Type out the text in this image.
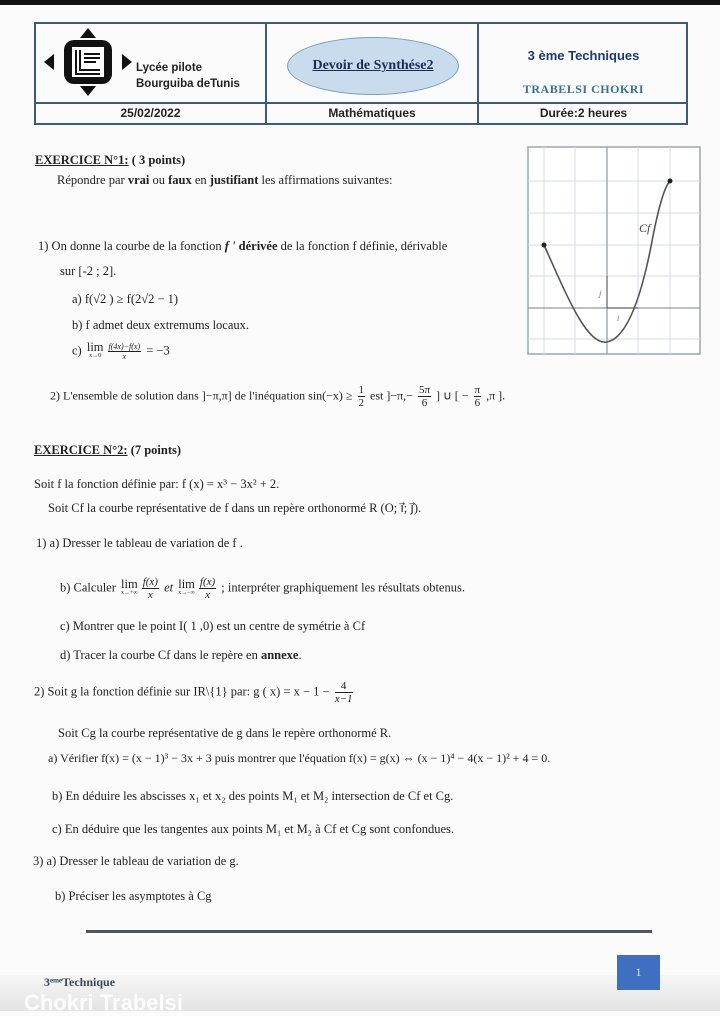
Lycée pilote
Bourguiba deTunis
Devoir de Synthése2
3 ème Techniques
TRABELSI CHOKRI
25/02/2022	Mathématiques	Durée:2 heures
EXERCICE N°1: ( 3 points)
Répondre par vrai ou faux en justifiant les affirmations suivantes:
1) On donne la courbe de la fonction f ' dérivée de la fonction f définie, dérivable
sur [-2 ; 2].
a) f(√2 ) ≥ f(2√2 − 1)
b) f admet deux extremums locaux.
c) lim
$x\to 0 \frac{f(4x)-f(x)}{x} = -3$
2) L'ensemble de solution dans ]−π,π] de l'inéquation $\sin(-x) \ge \frac{1}{2}$ est ]$-\pi,- \frac{5\pi}{6}$ ] ∪ [ − $\frac{\pi}{6} ,\pi$ ].
Cf
i
j
EXERCICE N°2: (7 points)
Soit f la fonction définie par: f (x) = x³ − 3x² + 2.
Soit Cf la courbe représentative de f dans un repère orthonormé R (O; i⃗; j⃗).
1) a) Dresser le tableau de variation de f .
b) Calculer lim
$x\to+\infty \frac{f(x)}{x}$ et lim
$x\to-\infty \frac{f(x)}{x}$ ; interpréter graphiquement les résultats obtenus.
c) Montrer que le point I( 1 ,0) est un centre de symétrie à Cf
d) Tracer la courbe Cf dans le repère en annexe.
2) Soit g la fonction définie sur IR\{1} par: g ( $x) = x - 1 - \frac{4}{x-1}$
Soit Cg la courbe représentative de g dans le repère orthonormé R.
a) Vérifier f(x) = (x − 1)³ − 3x + 3 puis montrer que l'équation f(x) = g(x) ⇔ (x − 1)⁴ − 4(x − 1)² + 4 = 0.
b) En déduire les abscisses x₁ et x₂ des points M₁ et M₂ intersection de Cf et Cg.
c) En déduire que les tangentes aux points M₁ et M₂ à Cf et Cg sont confondues.
3) a) Dresser le tableau de variation de g.
b) Préciser les asymptotes à Cg
1
3ᵉᵐᵉTechnique
Chokri Trabelsi
